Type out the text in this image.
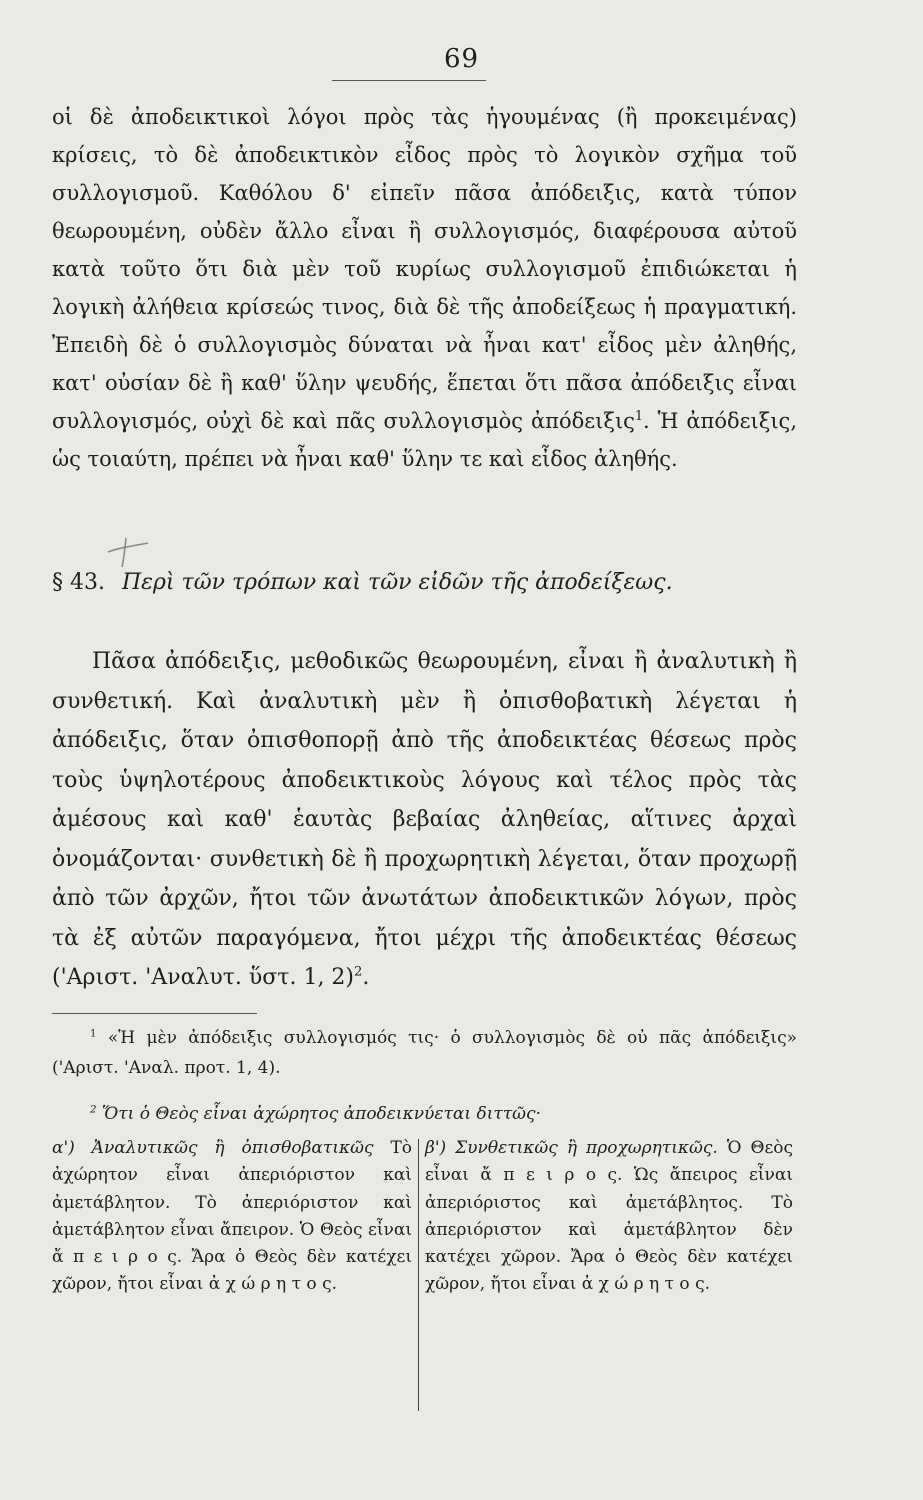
69
οἱ δὲ ἀποδεικτικοὶ λόγοι πρὸς τὰς ἡγουμένας (ἢ προκειμένας) κρίσεις, τὸ δὲ ἀποδεικτικὸν εἶδος πρὸς τὸ λογικὸν σχῆμα τοῦ συλλογισμοῦ. Καθόλου δ' εἰπεῖν πᾶσα ἀπόδειξις, κατὰ τύπον θεωρουμένη, οὐδὲν ἄλλο εἶναι ἢ συλλογισμός, διαφέρουσα αὐτοῦ κατὰ τοῦτο ὅτι διὰ μὲν τοῦ κυρίως συλλογισμοῦ ἐπιδιώκεται ἡ λογικὴ ἀλήθεια κρίσεώς τινος, διὰ δὲ τῆς ἀποδείξεως ἡ πραγματική. Ἐπειδὴ δὲ ὁ συλλογισμὸς δύναται νὰ ἦναι κατ' εἶδος μὲν ἀληθής, κατ' οὐσίαν δὲ ἢ καθ' ὕλην ψευδής, ἕπεται ὅτι πᾶσα ἀπόδειξις εἶναι συλλογισμός, οὐχὶ δὲ καὶ πᾶς συλλογισμὸς ἀπόδειξις$^1$. Ἡ ἀπόδειξις, ὡς τοιαύτη, πρέπει νὰ ἦναι καθ' ὕλην τε καὶ εἶδος ἀληθής.
§ 43. Περὶ τῶν τρόπων καὶ τῶν εἰδῶν τῆς ἀποδείξεως.
Πᾶσα ἀπόδειξις, μεθοδικῶς θεωρουμένη, εἶναι ἢ ἀναλυτικὴ ἢ συνθετική. Καὶ ἀναλυτικὴ μὲν ἢ ὀπισθοβατικὴ λέγεται ἡ ἀπόδειξις, ὅταν ὀπισθοπορῇ ἀπὸ τῆς ἀποδεικτέας θέσεως πρὸς τοὺς ὑψηλοτέρους ἀποδεικτικοὺς λόγους καὶ τέλος πρὸς τὰς ἀμέσους καὶ καθ' ἑαυτὰς βεβαίας ἀληθείας, αἵτινες ἀρχαὶ ὀνομάζονται· συνθετικὴ δὲ ἢ προχωρητικὴ λέγεται, ὅταν προχωρῇ ἀπὸ τῶν ἀρχῶν, ἤτοι τῶν ἀνωτάτων ἀποδεικτικῶν λόγων, πρὸς τὰ ἐξ αὐτῶν παραγόμενα, ἤτοι μέχρι τῆς ἀποδεικτέας θέσεως ('Αριστ. 'Αναλυτ. ὕστ. 1, 2)$^2$.
$^1$ «Ἡ μὲν ἀπόδειξις συλλογισμός τις· ὁ συλλογισμὸς δὲ οὐ πᾶς ἀπόδειξις» ('Αριστ. 'Αναλ. προτ. 1, 4).
$^2$ Ὅτι ὁ Θεὸς εἶναι ἀχώρητος ἀποδεικνύεται διττῶς·
α') Ἀναλυτικῶς ἢ ὀπισθοβατικῶς Τὸ ἀχώρητον εἶναι ἀπεριόριστον καὶ ἀμετάβλητον. Τὸ ἀπεριόριστον καὶ ἀμετάβλητον εἶναι ἄπειρον. Ὁ Θεὸς εἶναι ἄ π ε ι ρ ο ς. Ἄρα ὁ Θεὸς δὲν κατέχει χῶρον, ἤτοι εἶναι ἀ χ ώ ρ η τ ο ς.
β') Συνθετικῶς ἢ προχωρητικῶς. Ὁ Θεὸς εἶναι ἄ π ε ι ρ ο ς. Ὡς ἄπειρος εἶναι ἀπεριόριστος καὶ ἀμετάβλητος. Τὸ ἀπεριόριστον καὶ ἀμετάβλητον δὲν κατέχει χῶρον. Ἄρα ὁ Θεὸς δὲν κατέχει χῶρον, ἤτοι εἶναι ἀ χ ώ ρ η τ ο ς.
